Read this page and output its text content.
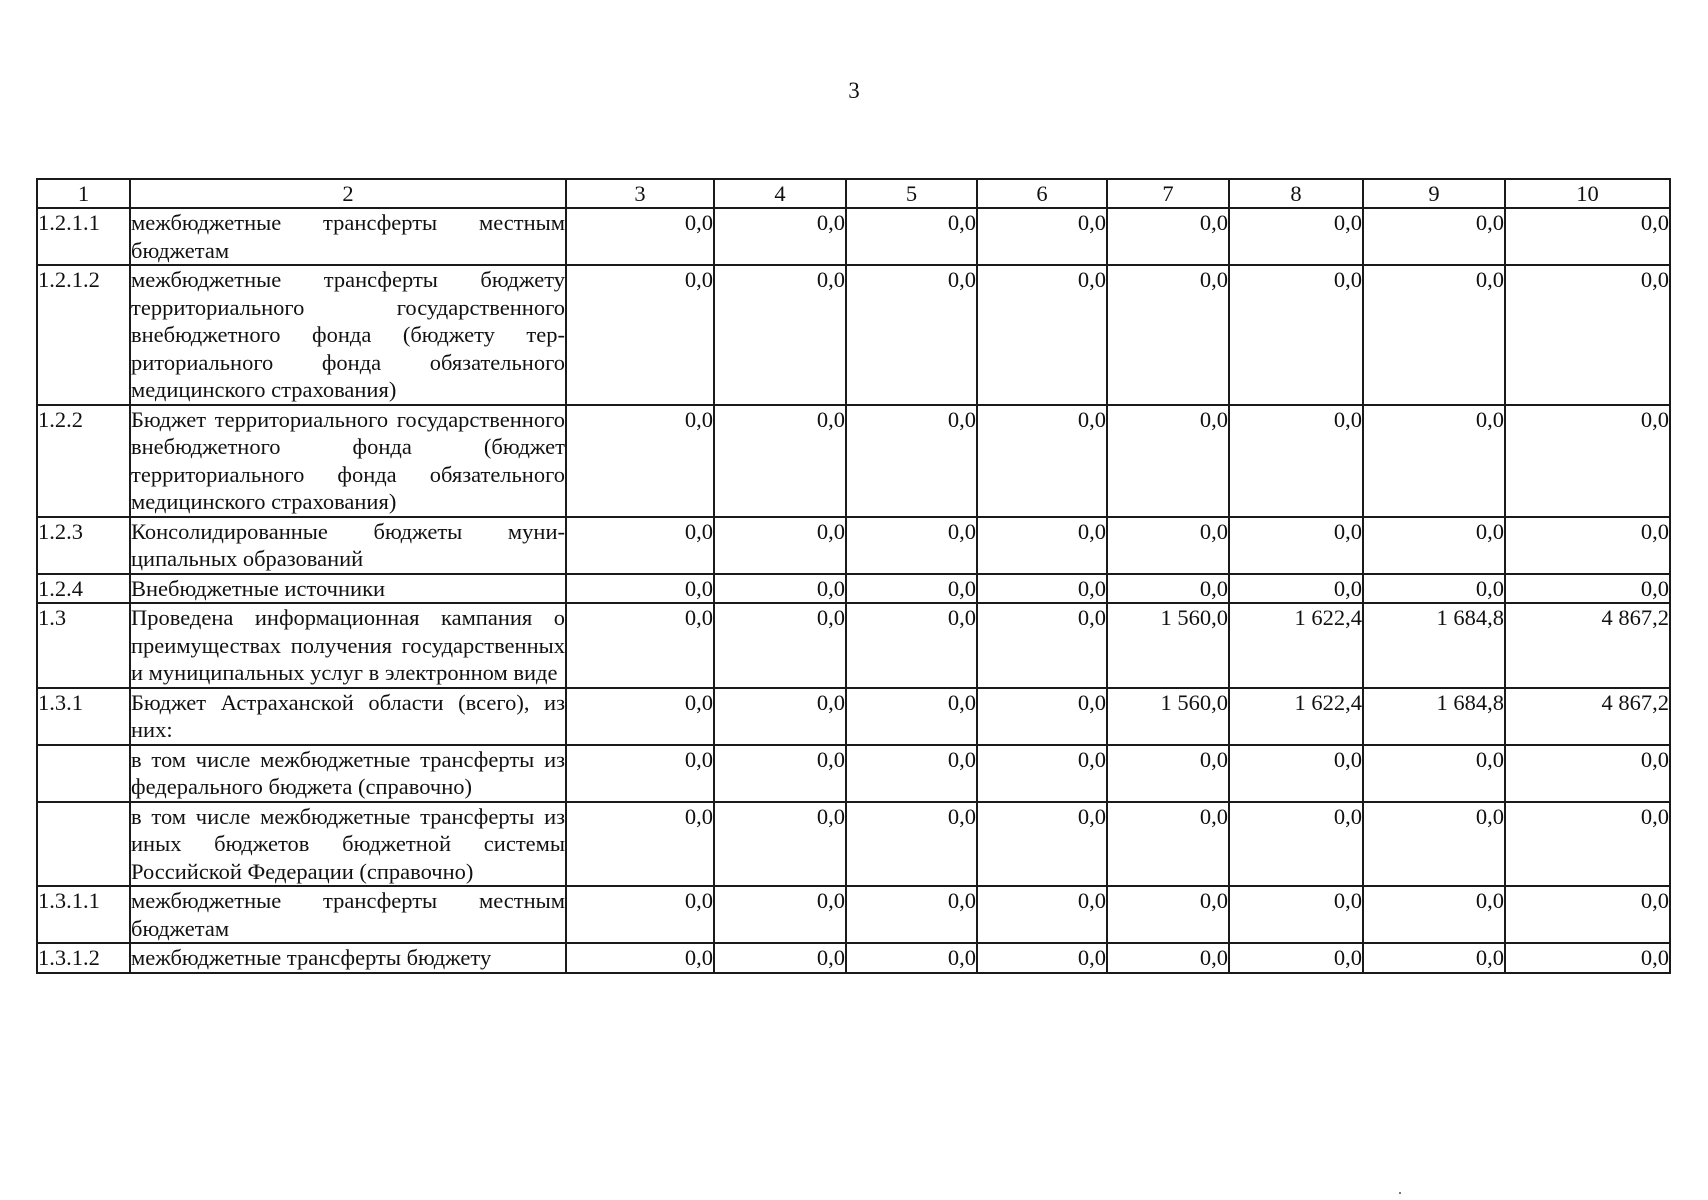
3
1	2	3	4	5	6	7	8	9	10
1.2.1.1	межбюджетные трансферты местным бюджетам	0,0	0,0	0,0	0,0	0,0	0,0	0,0	0,0
1.2.1.2	межбюджетные трансферты бюджету территориального государственного внебюджетного фонда (бюджету территориального фонда обязательного медицинского страхования)	0,0	0,0	0,0	0,0	0,0	0,0	0,0	0,0
1.2.2	Бюджет территориального государственного внебюджетного фонда (бюджет территориального фонда обязательного медицинского страхования)	0,0	0,0	0,0	0,0	0,0	0,0	0,0	0,0
1.2.3	Консолидированные бюджеты муниципальных образований	0,0	0,0	0,0	0,0	0,0	0,0	0,0	0,0
1.2.4	Внебюджетные источники	0,0	0,0	0,0	0,0	0,0	0,0	0,0	0,0
1.3	Проведена информационная кампания о преимуществах получения государственных и муниципальных услуг в электронном виде	0,0	0,0	0,0	0,0	1 560,0	1 622,4	1 684,8	4 867,2
1.3.1	Бюджет Астраханской области (всего), из них:	0,0	0,0	0,0	0,0	1 560,0	1 622,4	1 684,8	4 867,2
	в том числе межбюджетные трансферты из федерального бюджета (справочно)	0,0	0,0	0,0	0,0	0,0	0,0	0,0	0,0
	в том числе межбюджетные трансферты из иных бюджетов бюджетной системы Российской Федерации (справочно)	0,0	0,0	0,0	0,0	0,0	0,0	0,0	0,0
1.3.1.1	межбюджетные трансферты местным бюджетам	0,0	0,0	0,0	0,0	0,0	0,0	0,0	0,0
1.3.1.2	межбюджетные трансферты бюджету	0,0	0,0	0,0	0,0	0,0	0,0	0,0	0,0
